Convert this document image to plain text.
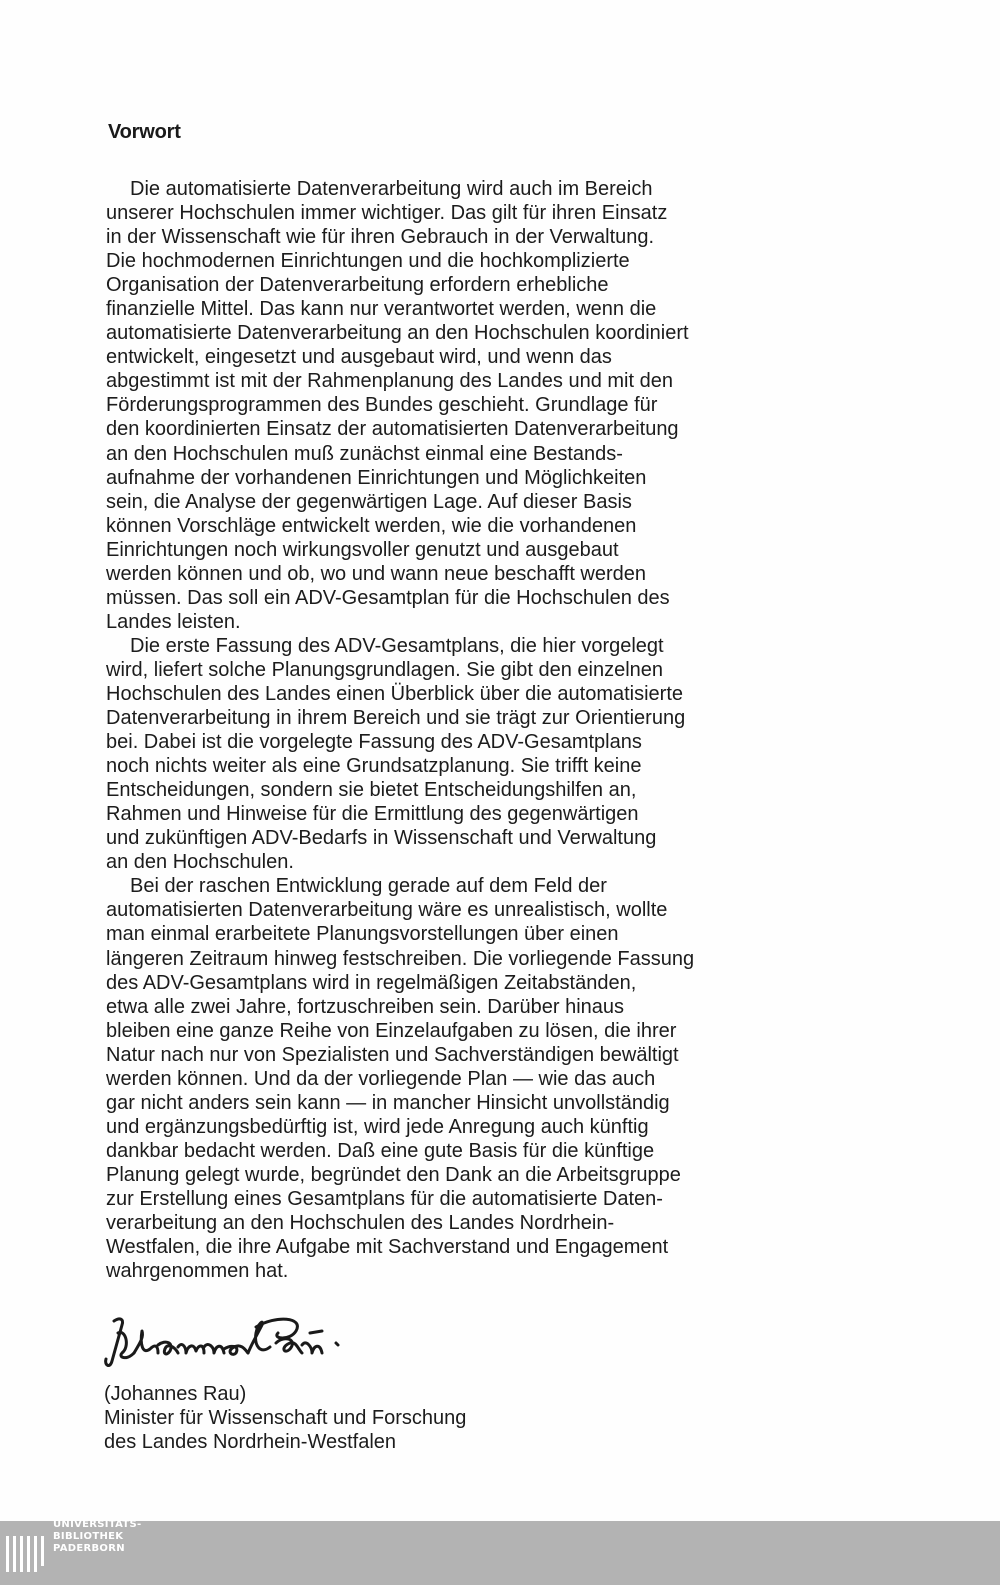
Vorwort
Die automatisierte Datenverarbeitung wird auch im Bereich
unserer Hochschulen immer wichtiger. Das gilt für ihren Einsatz
in der Wissenschaft wie für ihren Gebrauch in der Verwaltung.
Die hochmodernen Einrichtungen und die hochkomplizierte
Organisation der Datenverarbeitung erfordern erhebliche
finanzielle Mittel. Das kann nur verantwortet werden, wenn die
automatisierte Datenverarbeitung an den Hochschulen koordiniert
entwickelt, eingesetzt und ausgebaut wird, und wenn das
abgestimmt ist mit der Rahmenplanung des Landes und mit den
Förderungsprogrammen des Bundes geschieht. Grundlage für
den koordinierten Einsatz der automatisierten Datenverarbeitung
an den Hochschulen muß zunächst einmal eine Bestands-
aufnahme der vorhandenen Einrichtungen und Möglichkeiten
sein, die Analyse der gegenwärtigen Lage. Auf dieser Basis
können Vorschläge entwickelt werden, wie die vorhandenen
Einrichtungen noch wirkungsvoller genutzt und ausgebaut
werden können und ob, wo und wann neue beschafft werden
müssen. Das soll ein ADV-Gesamtplan für die Hochschulen des
Landes leisten.
Die erste Fassung des ADV-Gesamtplans, die hier vorgelegt
wird, liefert solche Planungsgrundlagen. Sie gibt den einzelnen
Hochschulen des Landes einen Überblick über die automatisierte
Datenverarbeitung in ihrem Bereich und sie trägt zur Orientierung
bei. Dabei ist die vorgelegte Fassung des ADV-Gesamtplans
noch nichts weiter als eine Grundsatzplanung. Sie trifft keine
Entscheidungen, sondern sie bietet Entscheidungshilfen an,
Rahmen und Hinweise für die Ermittlung des gegenwärtigen
und zukünftigen ADV-Bedarfs in Wissenschaft und Verwaltung
an den Hochschulen.
Bei der raschen Entwicklung gerade auf dem Feld der
automatisierten Datenverarbeitung wäre es unrealistisch, wollte
man einmal erarbeitete Planungsvorstellungen über einen
längeren Zeitraum hinweg festschreiben. Die vorliegende Fassung
des ADV-Gesamtplans wird in regelmäßigen Zeitabständen,
etwa alle zwei Jahre, fortzuschreiben sein. Darüber hinaus
bleiben eine ganze Reihe von Einzelaufgaben zu lösen, die ihrer
Natur nach nur von Spezialisten und Sachverständigen bewältigt
werden können. Und da der vorliegende Plan — wie das auch
gar nicht anders sein kann — in mancher Hinsicht unvollständig
und ergänzungsbedürftig ist, wird jede Anregung auch künftig
dankbar bedacht werden. Daß eine gute Basis für die künftige
Planung gelegt wurde, begründet den Dank an die Arbeitsgruppe
zur Erstellung eines Gesamtplans für die automatisierte Daten-
verarbeitung an den Hochschulen des Landes Nordrhein-
Westfalen, die ihre Aufgabe mit Sachverstand und Engagement
wahrgenommen hat.
(Johannes Rau)
Minister für Wissenschaft und Forschung
des Landes Nordrhein-Westfalen
UNIVERSITÄTS-
BIBLIOTHEK
PADERBORN
